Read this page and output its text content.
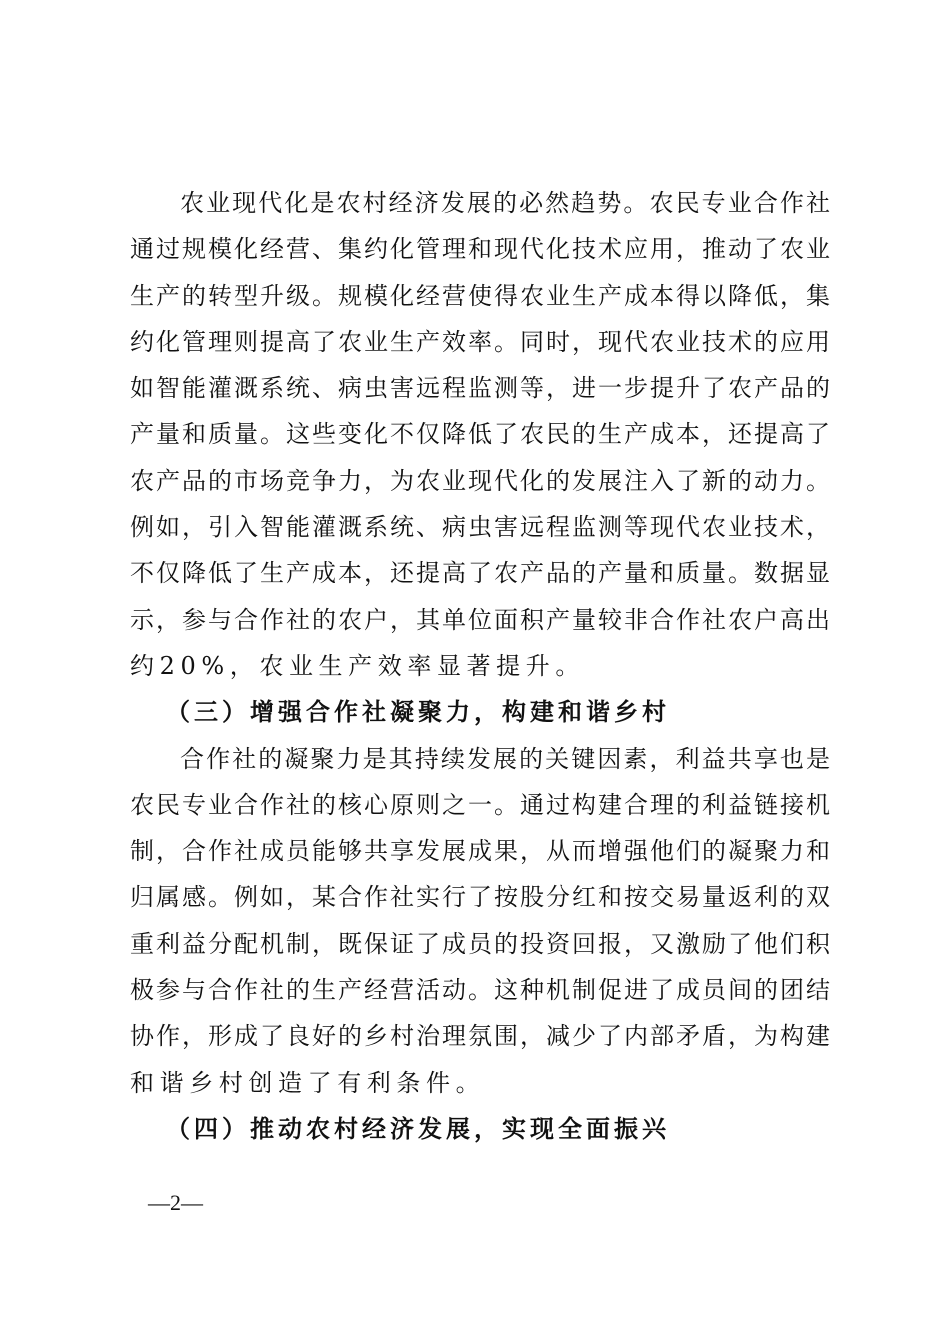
农业现代化是农村经济发展的必然趋势。农民专业合作社
通过规模化经营、集约化管理和现代化技术应用，推动了农业
生产的转型升级。规模化经营使得农业生产成本得以降低，集
约化管理则提高了农业生产效率。同时，现代农业技术的应用
如智能灌溉系统、病虫害远程监测等，进一步提升了农产品的
产量和质量。这些变化不仅降低了农民的生产成本，还提高了
农产品的市场竞争力，为农业现代化的发展注入了新的动力。
例如，引入智能灌溉系统、病虫害远程监测等现代农业技术，
不仅降低了生产成本，还提高了农产品的产量和质量。数据显
示，参与合作社的农户，其单位面积产量较非合作社农户高出
约20%，农业生产效率显著提升。
（三）增强合作社凝聚力，构建和谐乡村
合作社的凝聚力是其持续发展的关键因素，利益共享也是
农民专业合作社的核心原则之一。通过构建合理的利益链接机
制，合作社成员能够共享发展成果，从而增强他们的凝聚力和
归属感。例如，某合作社实行了按股分红和按交易量返利的双
重利益分配机制，既保证了成员的投资回报，又激励了他们积
极参与合作社的生产经营活动。这种机制促进了成员间的团结
协作，形成了良好的乡村治理氛围，减少了内部矛盾，为构建
和谐乡村创造了有利条件。
（四）推动农村经济发展，实现全面振兴
—2—
